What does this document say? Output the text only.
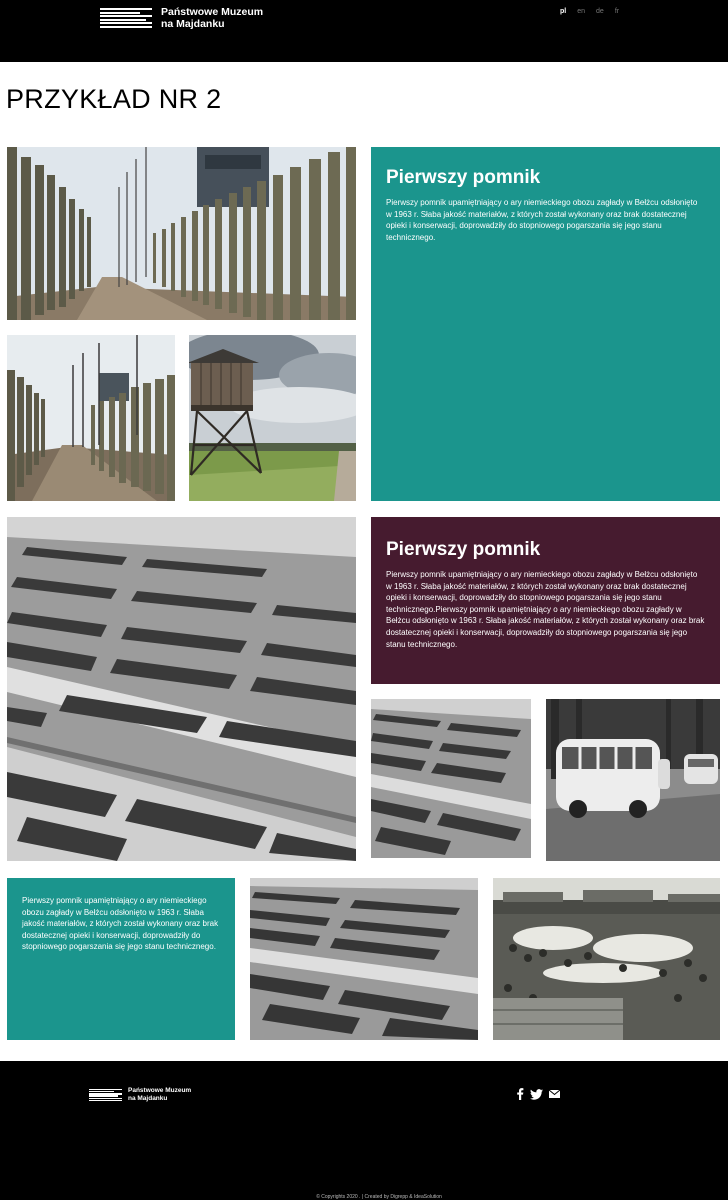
Państwowe Muzeum
na Majdanku
pl en de fr
PRZYKŁAD NR 2
Pierwszy pomnik

Pierwszy pomnik upamiętniający o ary niemieckiego obozu zagłady w Bełżcu odsłonięto w 1963 r. Słaba jakość materiałów, z których został wykonany oraz brak dostatecznej opieki i konserwacji, doprowadziły do stopniowego pogarszania się jego stanu technicznego.

Pierwszy pomnik

Pierwszy pomnik upamiętniający o ary niemieckiego obozu zagłady w Bełżcu odsłonięto w 1963 r. Słaba jakość materiałów, z których został wykonany oraz brak dostatecznej opieki i konserwacji, doprowadziły do stopniowego pogarszania się jego stanu technicznego.Pierwszy pomnik upamiętniający o ary niemieckiego obozu zagłady w Bełżcu odsłonięto w 1963 r. Słaba jakość materiałów, z których został wykonany oraz brak dostatecznej opieki i konserwacji, doprowadziły do stopniowego pogarszania się jego stanu technicznego.

Pierwszy pomnik upamiętniający o ary niemieckiego obozu zagłady w Bełżcu odsłonięto w 1963 r. Słaba jakość materiałów, z których został wykonany oraz brak dostatecznej opieki i konserwacji, doprowadziły do stopniowego pogarszania się jego stanu technicznego.

Państwowe Muzeum
na Majdanku
© Copyrights 2020 . | Created by Digrepp & IdeaSolution
